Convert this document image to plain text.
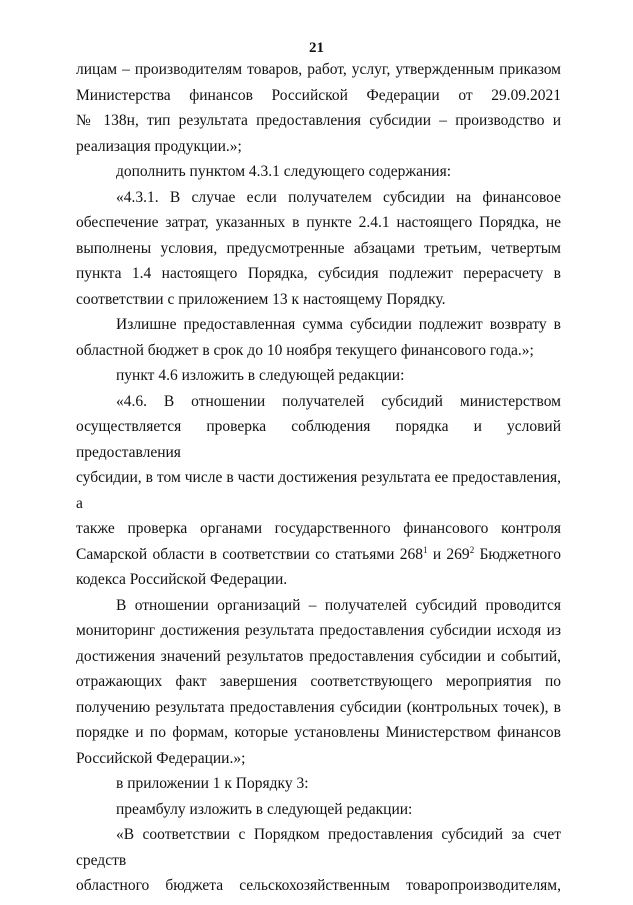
21

лицам – производителям товаров, работ, услуг, утвержденным приказом

Министерства финансов Российской Федерации от 29.09.2021

№ 138н, тип результата предоставления субсидии – производство и

реализация продукции.»;

дополнить пунктом 4.3.1 следующего содержания:

«4.3.1. В случае если получателем субсидии на финансовое

обеспечение затрат, указанных в пункте 2.4.1 настоящего Порядка, не

выполнены условия, предусмотренные абзацами третьим, четвертым

пункта 1.4 настоящего Порядка, субсидия подлежит перерасчету в

соответствии с приложением 13 к настоящему Порядку.

Излишне предоставленная сумма субсидии подлежит возврату в

областной бюджет в срок до 10 ноября текущего финансового года.»;

пункт 4.6 изложить в следующей редакции:

«4.6. В отношении получателей субсидий министерством

осуществляется проверка соблюдения порядка и условий предоставления

субсидии, в том числе в части достижения результата ее предоставления, а

также проверка органами государственного финансового контроля

Самарской области в соответствии со статьями $268^1$ и $269^2$ Бюджетного

кодекса Российской Федерации.

В отношении организаций – получателей субсидий проводится

мониторинг достижения результата предоставления субсидии исходя из

достижения значений результатов предоставления субсидии и событий,

отражающих факт завершения соответствующего мероприятия по

получению результата предоставления субсидии (контрольных точек), в

порядке и по формам, которые установлены Министерством финансов

Российской Федерации.»;

в приложении 1 к Порядку 3:

преамбулу изложить в следующей редакции:

«В соответствии с Порядком предоставления субсидий за счет средств

областного бюджета сельскохозяйственным товаропроизводителям,
